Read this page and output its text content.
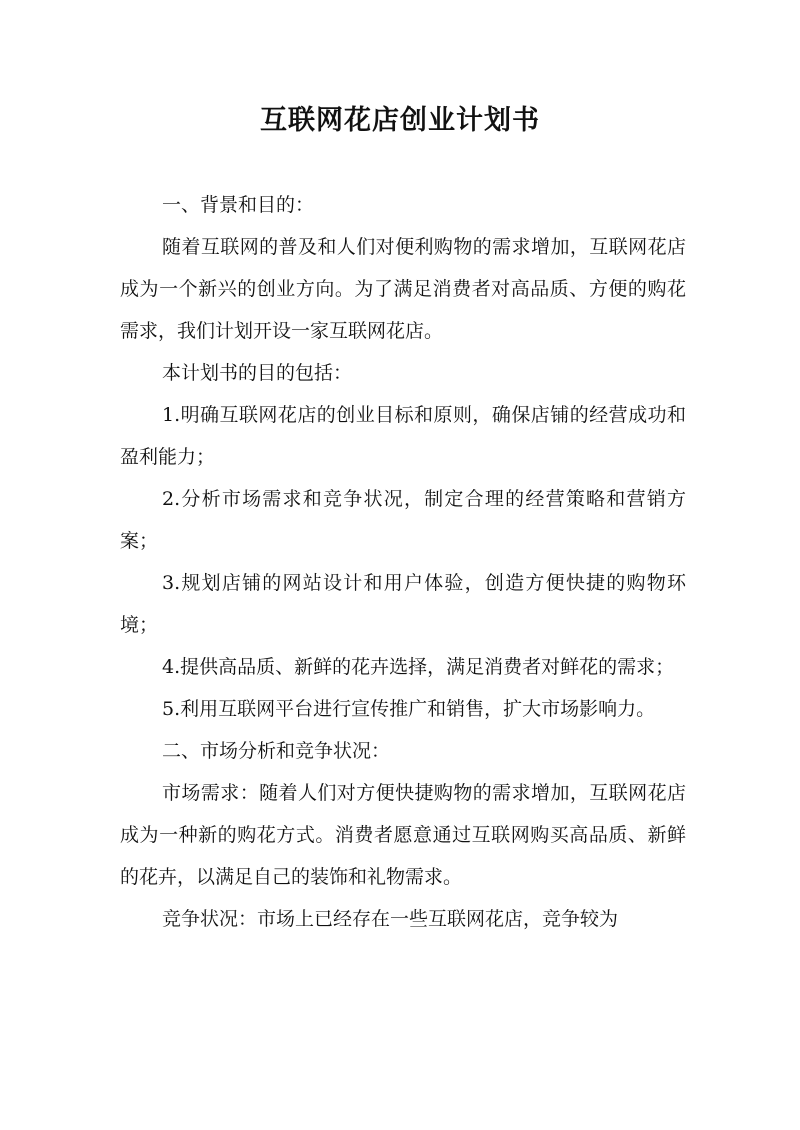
互联网花店创业计划书

一、背景和目的：

随着互联网的普及和人们对便利购物的需求增加，互联网花店成为一个新兴的创业方向。为了满足消费者对高品质、方便的购花需求，我们计划开设一家互联网花店。

本计划书的目的包括：

1.明确互联网花店的创业目标和原则，确保店铺的经营成功和盈利能力；

2.分析市场需求和竞争状况，制定合理的经营策略和营销方案；

3.规划店铺的网站设计和用户体验，创造方便快捷的购物环境；

4.提供高品质、新鲜的花卉选择，满足消费者对鲜花的需求；

5.利用互联网平台进行宣传推广和销售，扩大市场影响力。

二、市场分析和竞争状况：

市场需求：随着人们对方便快捷购物的需求增加，互联网花店成为一种新的购花方式。消费者愿意通过互联网购买高品质、新鲜的花卉，以满足自己的装饰和礼物需求。

竞争状况：市场上已经存在一些互联网花店，竞争较为
